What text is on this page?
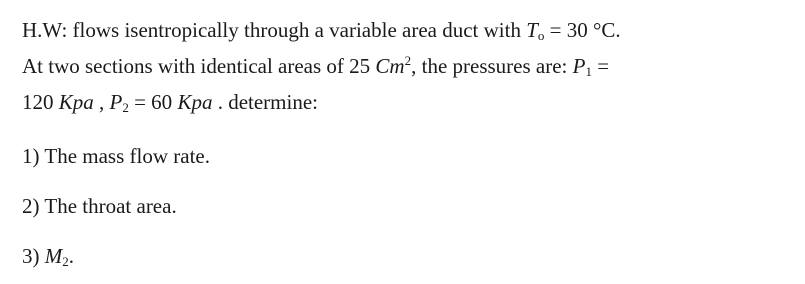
H.W: flows isentropically through a variable area duct with $T_o = 30$ °C.
At two sections with identical areas of 25 Cm$^2$, the pressures are: $P_1$ =
120 Kpa , $P_2 = 60$ Kpa . determine:
1) The mass flow rate.
2) The throat area.
3) $M_2$.
